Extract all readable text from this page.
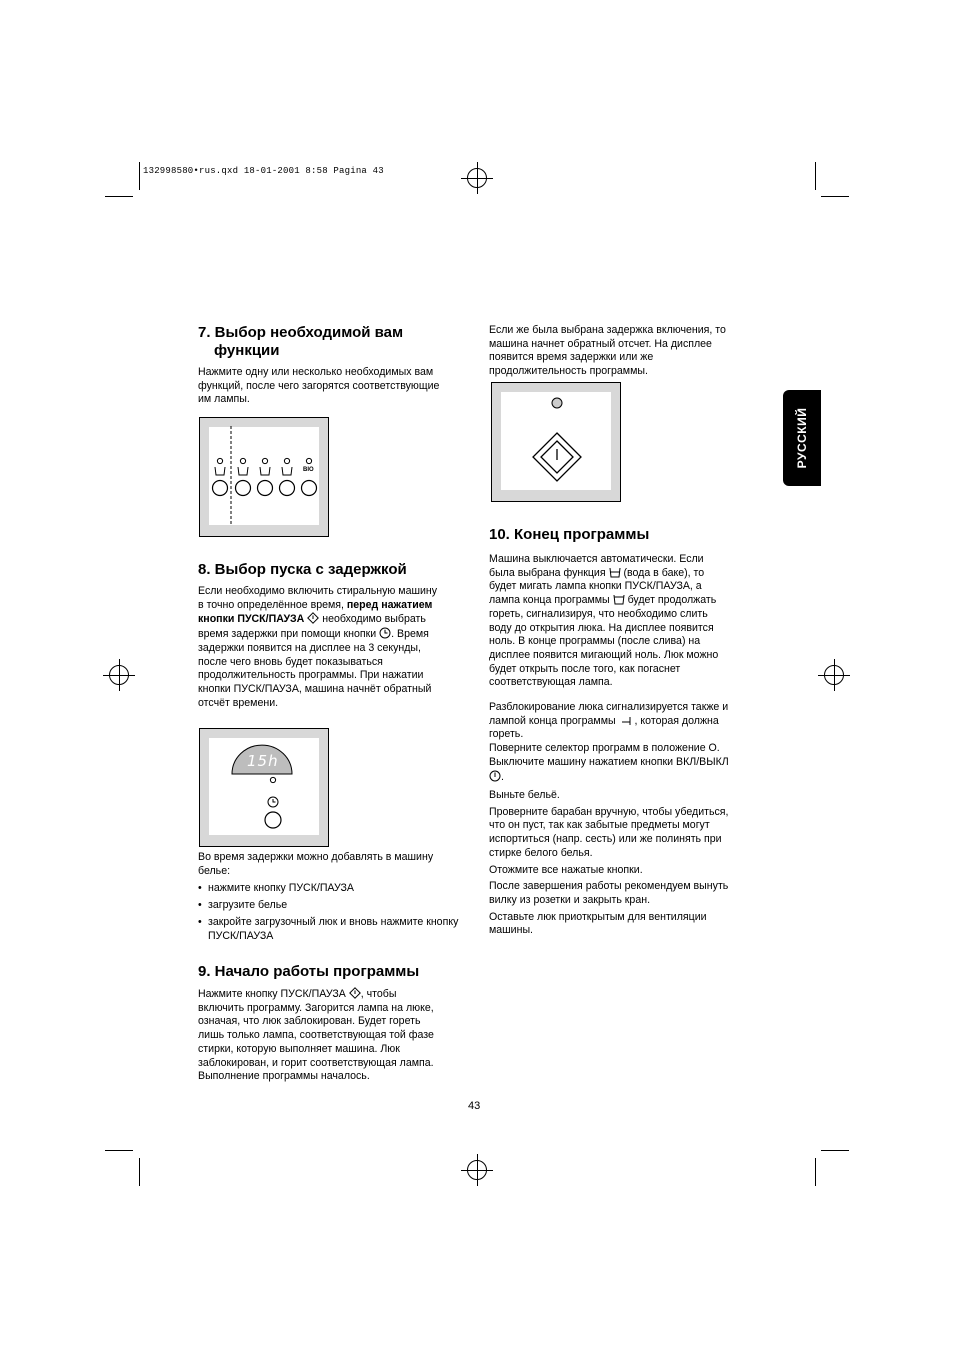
132998580•rus.qxd 18-01-2001 8:58 Pagina 43
РУССКИЙ
7. Выбор необходимой вам
функции
Нажмите одну или несколько необходимых вам
функций, после чего загорятся соответствующие
им лампы.
BIO
8. Выбор пуска с задержкой
Если необходимо включить стиральную машину
в точно определённое время, перед нажатием
кнопки ПУСК/ПАУЗА  необходимо выбрать
время задержки при помощи кнопки . Время
задержки появится на дисплее на 3 секунды,
после чего вновь будет показываться
продолжительность программы. При нажатии
кнопки ПУСК/ПАУЗА, машина начнёт обратный
отсчёт времени.
15h
Во время задержки можно добавлять в машину
белье:
• нажмите кнопку ПУСК/ПАУЗА
• загрузите белье
• закройте загрузочный люк и вновь нажмите кнопку ПУСК/ПАУЗА
9. Начало работы программы
Нажмите кнопку ПУСК/ПАУЗА , чтобы
включить программу. Загорится лампа на люке,
означая, что люк заблокирован. Будет гореть
лишь только лампа, соответствующая той фазе
стирки, которую выполняет машина. Люк
заблокирован, и горит соответствующая лампа.
Выполнение программы началось.
Если же была выбрана задержка включения, то
машина начнет обратный отсчет. На дисплее
появится время задержки или же
продолжительность программы.
10. Конец программы
Машина выключается автоматически. Если
была выбрана функция  (вода в баке), то
будет мигать лампа кнопки ПУСК/ПАУЗА, а
лампа конца программы  будет продолжать
гореть, сигнализируя, что необходимо слить
воду до открытия люка. На дисплее появится
ноль. В конце программы (после слива) на
дисплее появится мигающий ноль. Люк можно
будет открыть после того, как погаснет
соответствующая лампа.
Разблокирование люка сигнализируется также и
лампой конца программы , которая должна
гореть.
Поверните селектор программ в положение О.
Выключите машину нажатием кнопки ВКЛ/ВЫКЛ
.
Выньте бельё.
Проверните барабан вручную, чтобы убедиться,
что он пуст, так как забытые предметы могут
испортиться (напр. сесть) или же полинять при
стирке белого белья.
Отожмите все нажатые кнопки.
После завершения работы рекомендуем вынуть
вилку из розетки и закрыть кран.
Оставьте люк приоткрытым для вентиляции
машины.
43
